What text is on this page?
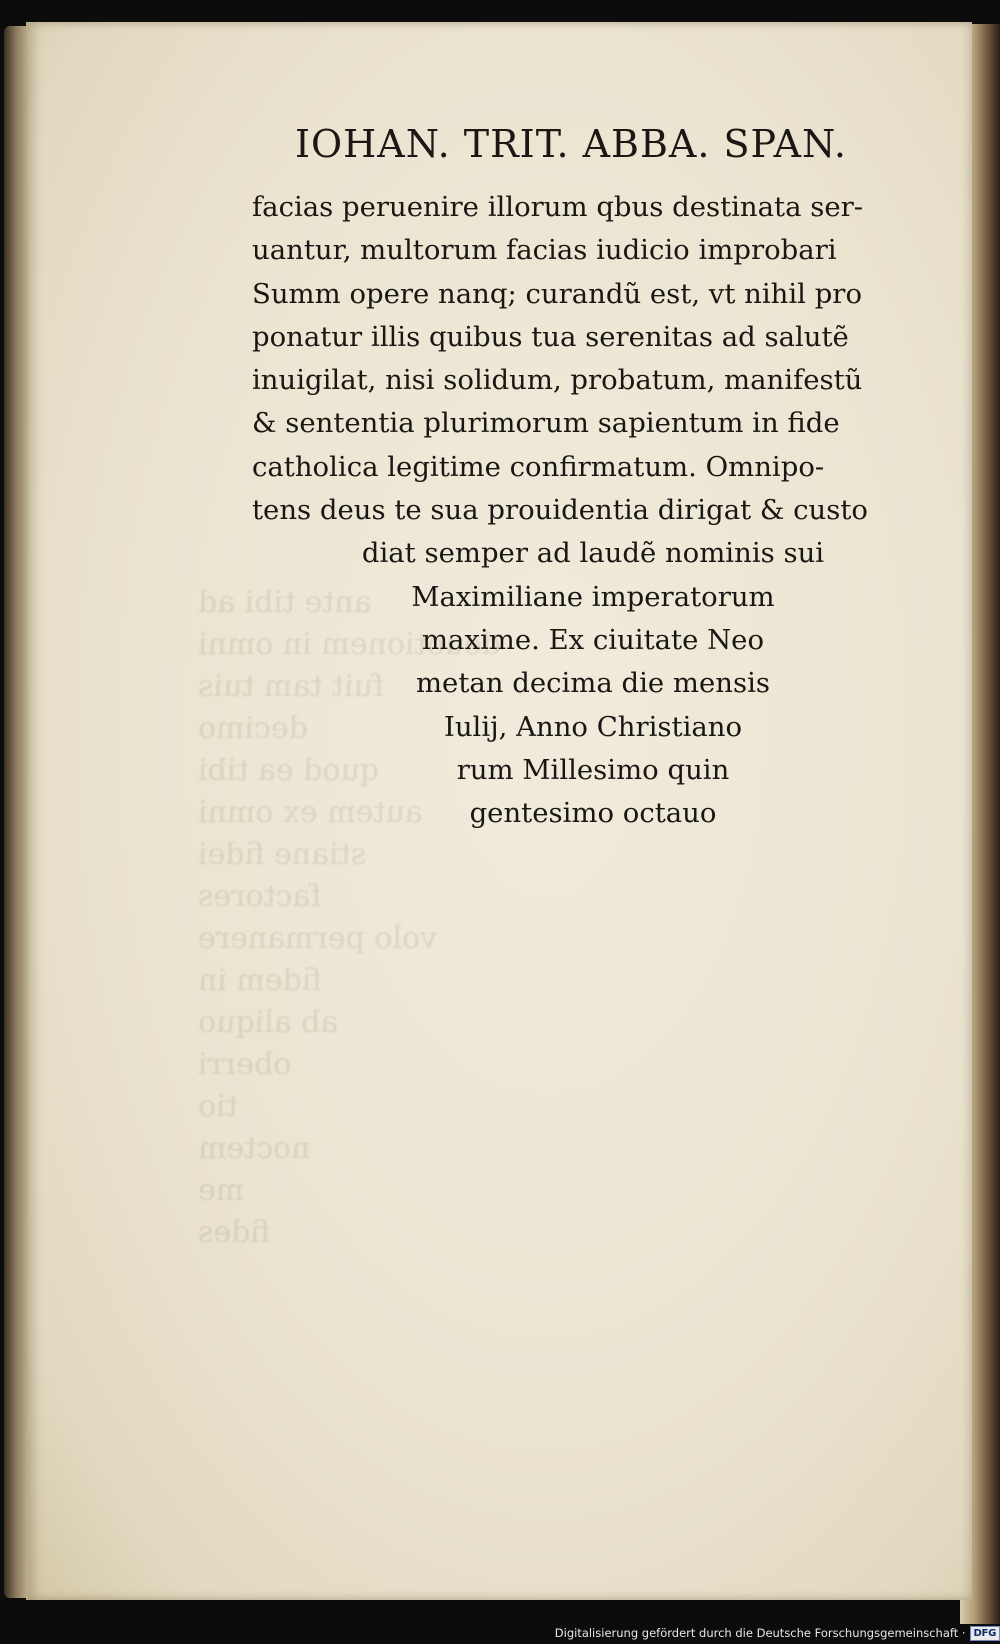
ante tibi ad
deuotionem in omni
fuit tam tuis
decimo
quod ea tibi
autem ex omni
stiane fidei
factores
volo permanere
fidem in
ab aliquo
oberri
tio
noctem
me
fides

IOHAN. TRIT. ABBA. SPAN.
facias peruenire illorum qbus destinata ser‑
uantur, multorum facias iudicio improbari
Summ opere nanq; curandũ est, vt nihil pro
ponatur illis quibus tua serenitas ad salutẽ
inuigilat, nisi solidum, probatum, manifestũ
& sententia plurimorum sapientum in fide
catholica legitime confirmatum. Omnipo‑
tens deus te sua prouidentia dirigat & custo
diat semper ad laudẽ nominis sui
Maximiliane imperatorum
maxime. Ex ciuitate Neo
metan decima die mensis
Iulij, Anno Christiano
rum Millesimo quin
gentesimo octauo
Digitalisierung gefördert durch die Deutsche Forschungsgemeinschaft · DFG
